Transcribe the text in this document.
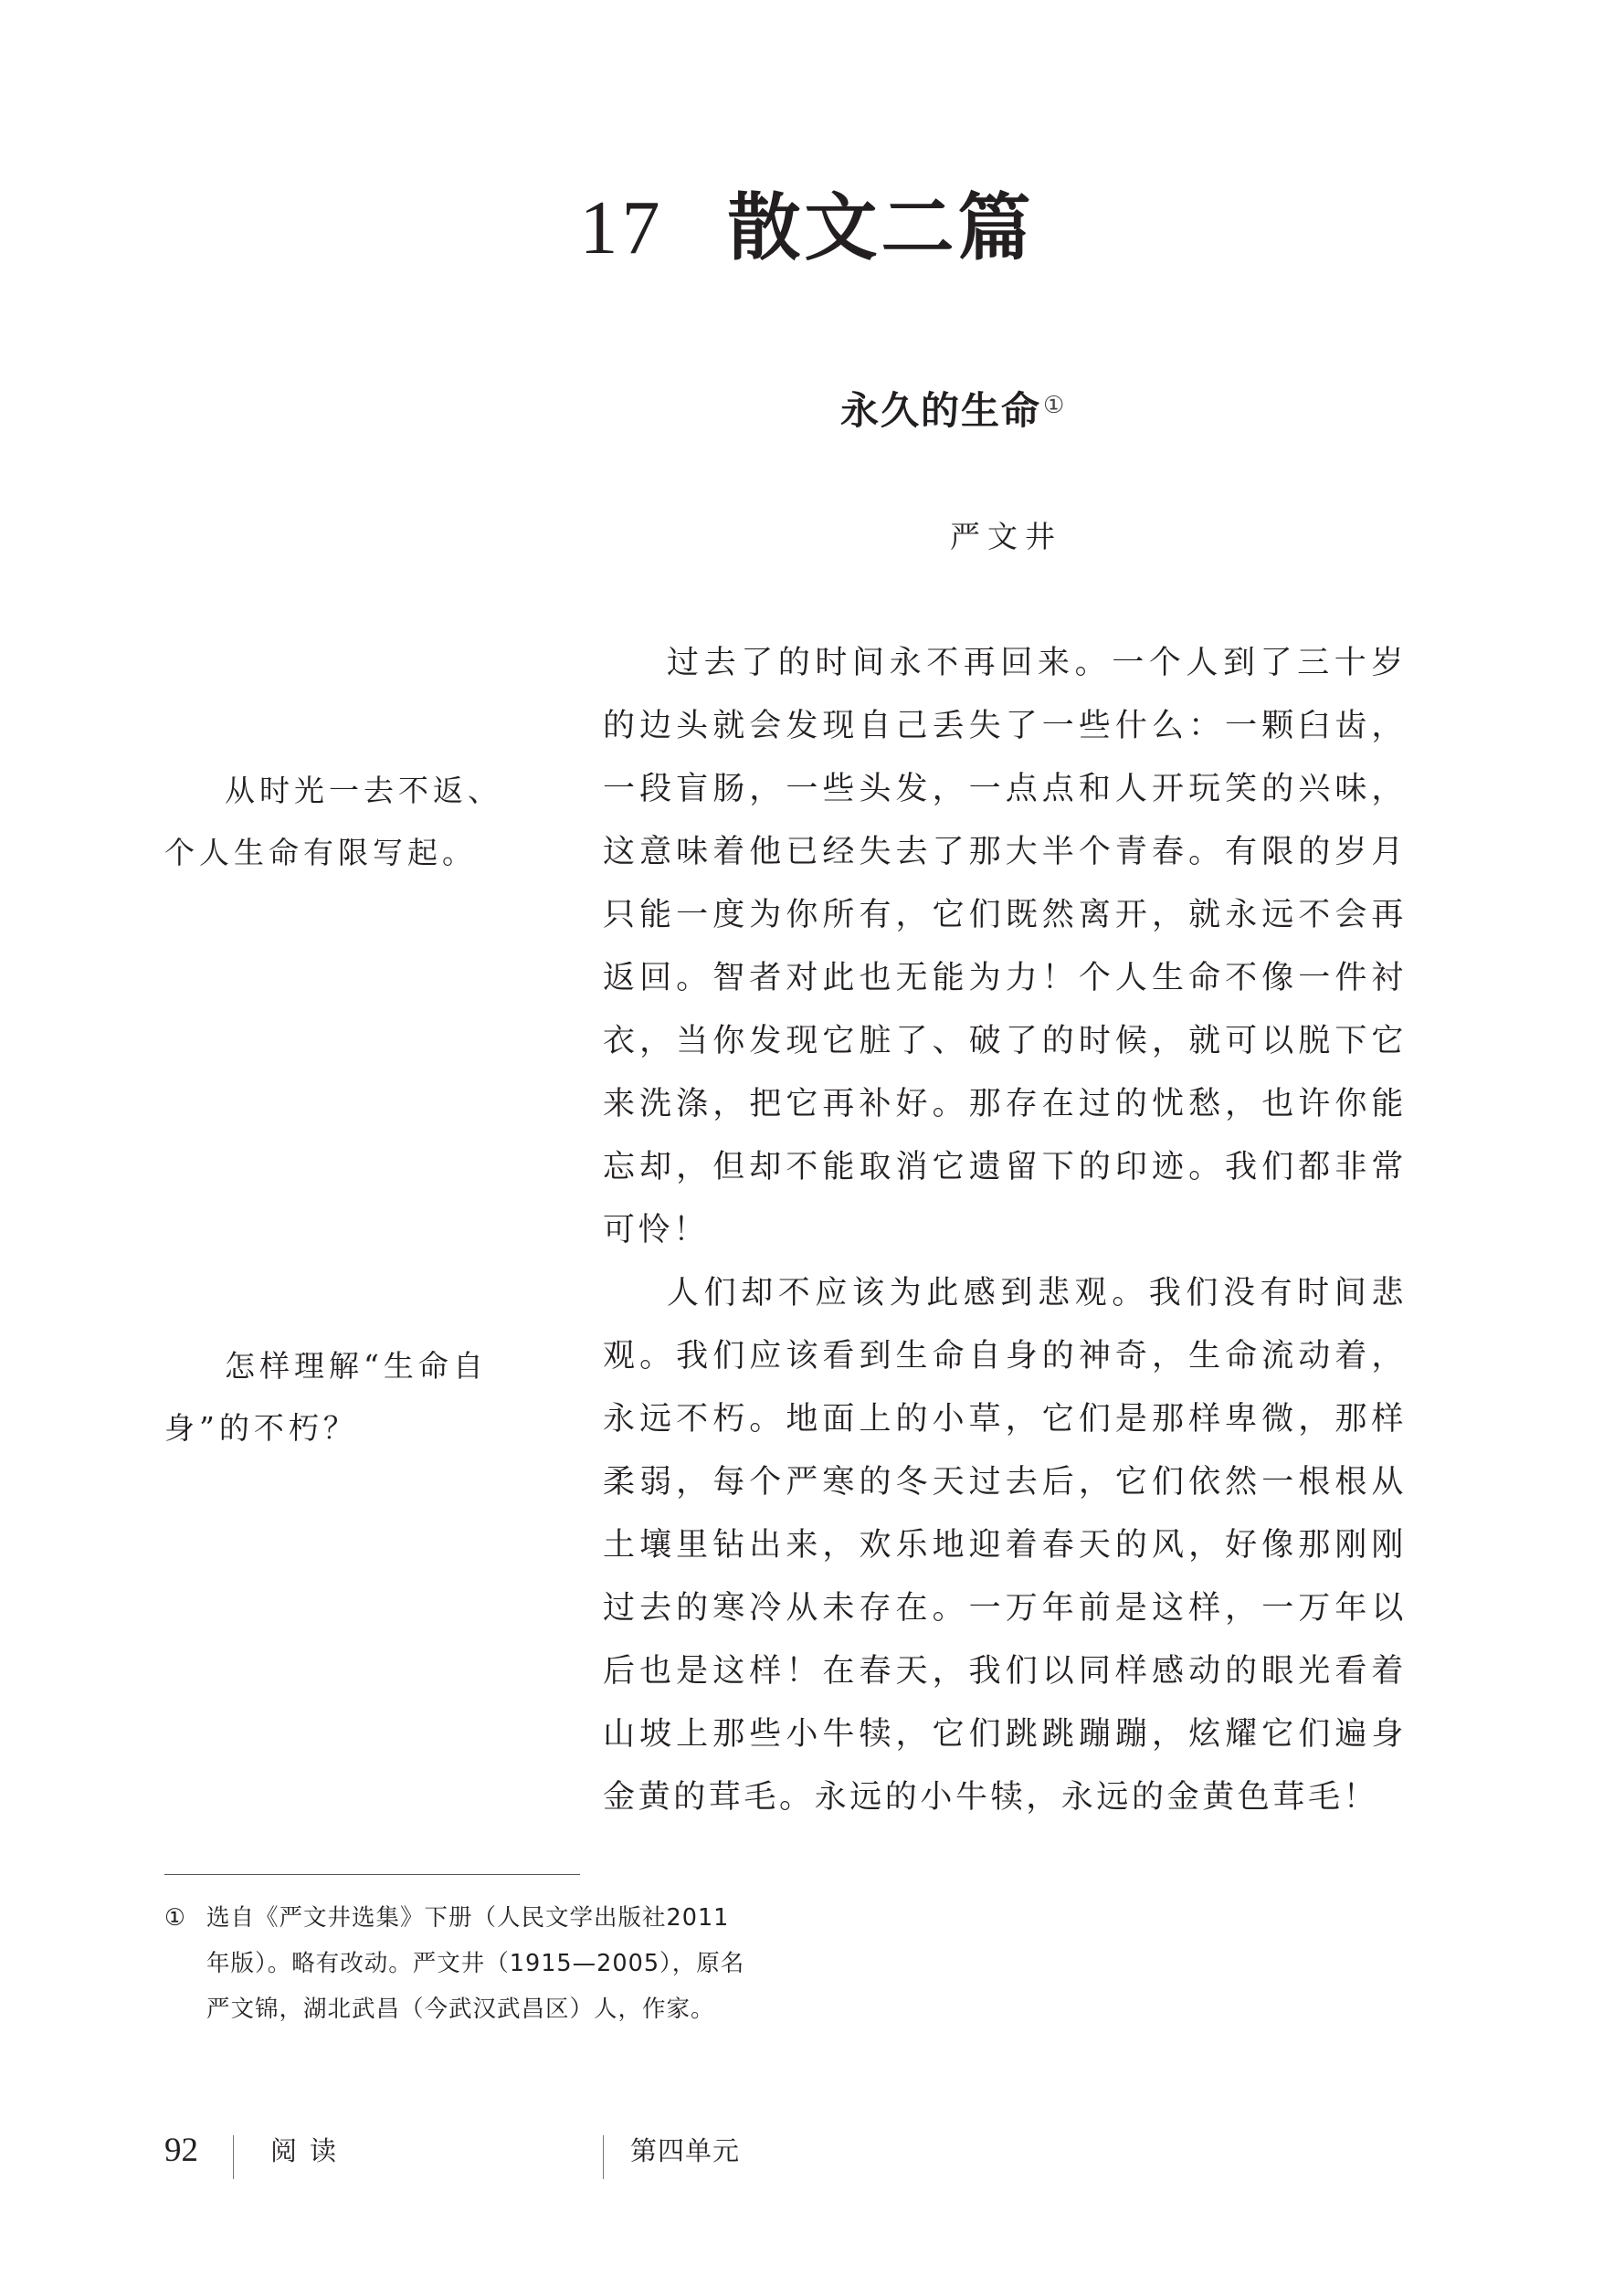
17 散文二篇
永久的生命①
严文井

过去了的时间永不再回来。一个人到了三十岁的边头就会发现自己丢失了一些什么：一颗臼齿，一段盲肠，一些头发，一点点和人开玩笑的兴味，这意味着他已经失去了那大半个青春。有限的岁月只能一度为你所有，它们既然离开，就永远不会再返回。智者对此也无能为力！个人生命不像一件衬衣，当你发现它脏了、破了的时候，就可以脱下它来洗涤，把它再补好。那存在过的忧愁，也许你能忘却，但却不能取消它遗留下的印迹。我们都非常可怜！

人们却不应该为此感到悲观。我们没有时间悲观。我们应该看到生命自身的神奇，生命流动着，永远不朽。地面上的小草，它们是那样卑微，那样柔弱，每个严寒的冬天过去后，它们依然一根根从土壤里钻出来，欢乐地迎着春天的风，好像那刚刚过去的寒冷从未存在。一万年前是这样，一万年以后也是这样！在春天，我们以同样感动的眼光看着山坡上那些小牛犊，它们跳跳蹦蹦，炫耀它们遍身金黄的茸毛。永远的小牛犊，永远的金黄色茸毛！

从时光一去不返、个人生命有限写起。

怎样理解“生命自身”的不朽？

① 选自《严文井选集》下册（人民文学出版社2011
年版）。略有改动。严文井（1915—2005），原名
严文锦，湖北武昌（今武汉武昌区）人，作家。
92	阅读	第四单元
